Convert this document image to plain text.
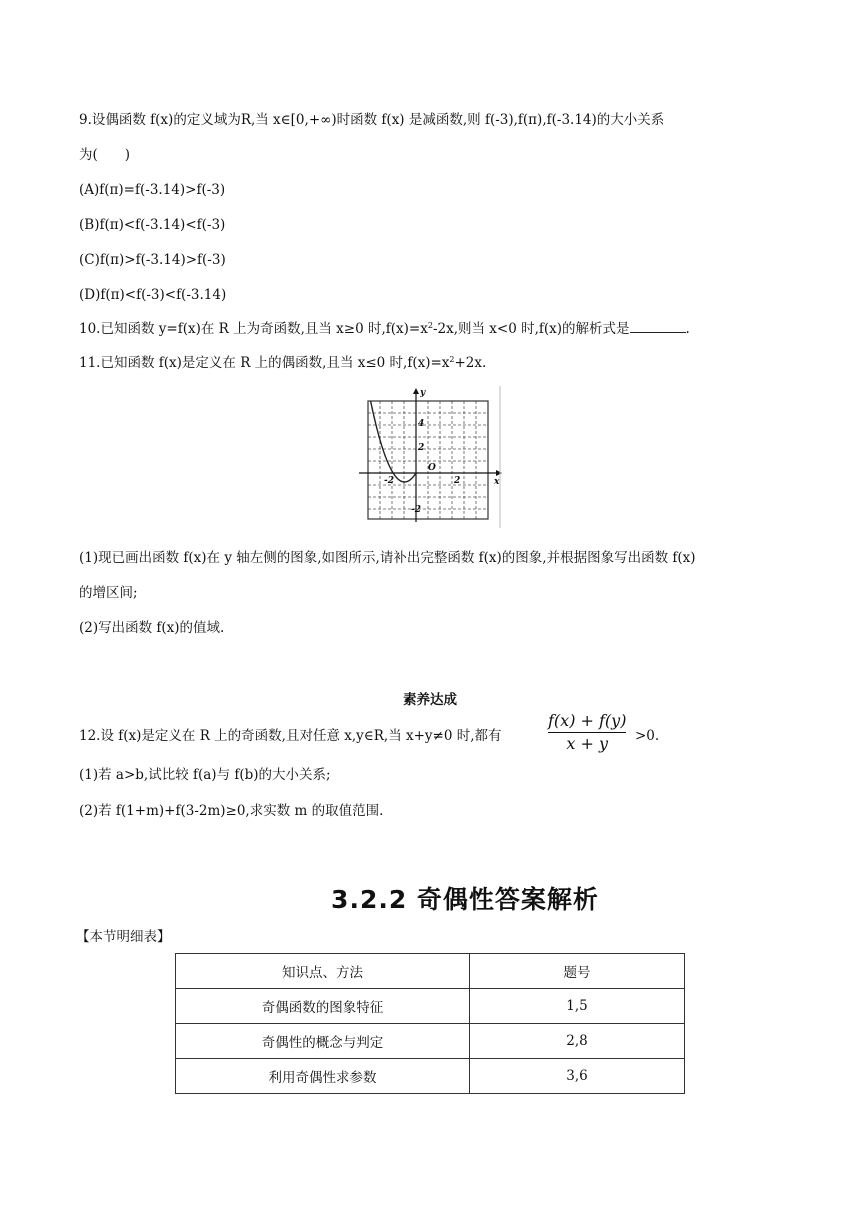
9.设偶函数 f(x)的定义域为R,当 x∈[0,+∞)时函数 f(x) 是减函数,则 f(-3),f(π),f(-3.14)的大小关系
为(　　)
(A)f(π)=f(-3.14)>f(-3)
(B)f(π)<f(-3.14)<f(-3)
(C)f(π)>f(-3.14)>f(-3)
(D)f(π)<f(-3)<f(-3.14)
10.已知函数 y=f(x)在 R 上为奇函数,且当 x≥0 时$,f(x)=x^2-2x$,则当 x<0 时,f(x)的解析式是	.
11.已知函数 f(x)是定义在 R 上的偶函数,且当 x≤0 时$,f(x)=x^2+2x$.
y
x
O
4
2
-2
-2	2
(1)现已画出函数 f(x)在 y 轴左侧的图象,如图所示,请补出完整函数 f(x)的图象,并根据图象写出函数 f(x)
的增区间;
(2)写出函数 f(x)的值域.
素养达成
12.设 f(x)是定义在 R 上的奇函数,且对任意 x,y∈R,当 x+y≠0 时,都有
f(x) + f(y)
x + y	>0.
(1)若 a>b,试比较 f(a)与 f(b)的大小关系;
(2)若 f(1+m)+f(3-2m)≥0,求实数 m 的取值范围.
3.2.2 奇偶性答案解析
【本节明细表】
知识点、方法	题号
奇偶函数的图象特征	1,5
奇偶性的概念与判定	2,8
利用奇偶性求参数	3,6
